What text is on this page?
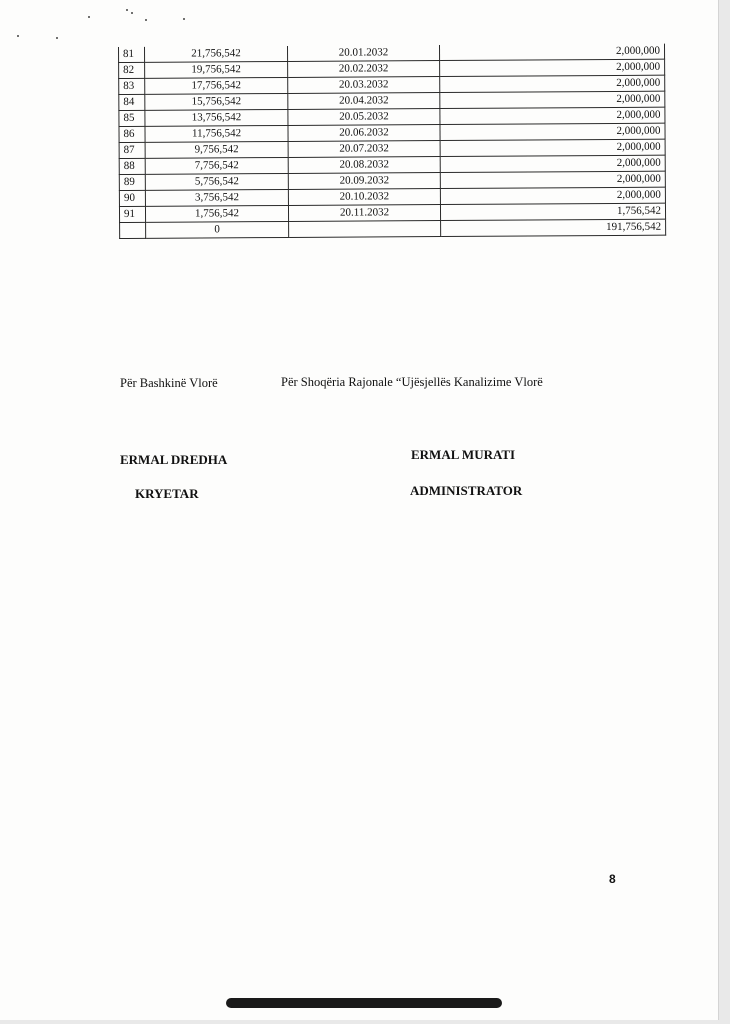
81	21,756,542	20.01.2032	2,000,000
82	19,756,542	20.02.2032	2,000,000
83	17,756,542	20.03.2032	2,000,000
84	15,756,542	20.04.2032	2,000,000
85	13,756,542	20.05.2032	2,000,000
86	11,756,542	20.06.2032	2,000,000
87	9,756,542	20.07.2032	2,000,000
88	7,756,542	20.08.2032	2,000,000
89	5,756,542	20.09.2032	2,000,000
90	3,756,542	20.10.2032	2,000,000
91	1,756,542	20.11.2032	1,756,542
	0		191,756,542
Për Bashkinë Vlorë	Për Shoqëria Rajonale “Ujësjellës Kanalizime Vlorë
ERMAL DREDHA	ERMAL MURATI
KRYETAR	ADMINISTRATOR
8
